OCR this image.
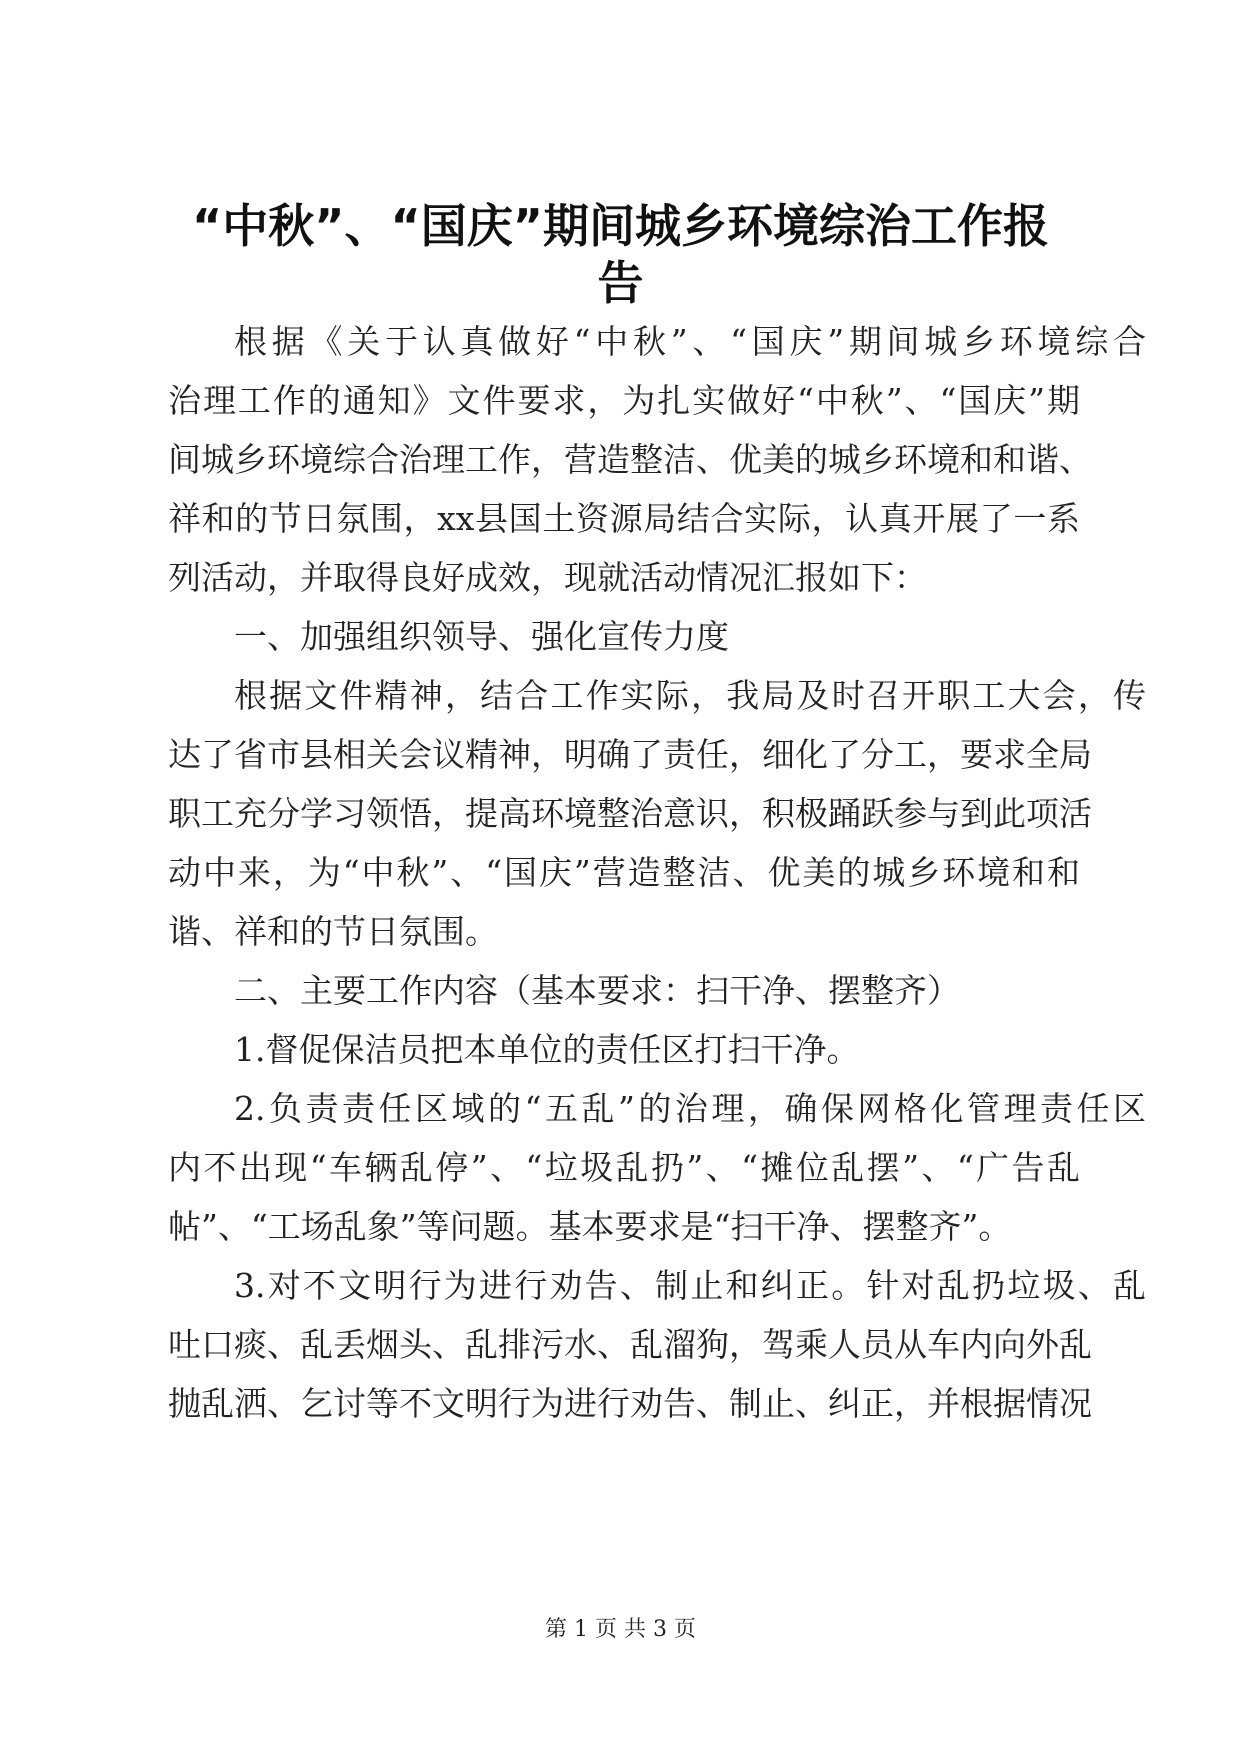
“中秋”、“国庆”期间城乡环境综治工作报
告
根据《关于认真做好“中秋”、“国庆”期间城乡环境综合
治理工作的通知》文件要求，为扎实做好“中秋”、“国庆”期
间城乡环境综合治理工作，营造整洁、优美的城乡环境和和谐、
祥和的节日氛围，xx县国土资源局结合实际，认真开展了一系
列活动，并取得良好成效，现就活动情况汇报如下：
一、加强组织领导、强化宣传力度
根据文件精神，结合工作实际，我局及时召开职工大会，传
达了省市县相关会议精神，明确了责任，细化了分工，要求全局
职工充分学习领悟，提高环境整治意识，积极踊跃参与到此项活
动中来，为“中秋”、“国庆”营造整洁、优美的城乡环境和和
谐、祥和的节日氛围。
二、主要工作内容（基本要求：扫干净、摆整齐）
1.督促保洁员把本单位的责任区打扫干净。
2.负责责任区域的“五乱”的治理，确保网格化管理责任区
内不出现“车辆乱停”、“垃圾乱扔”、“摊位乱摆”、“广告乱
帖”、“工场乱象”等问题。基本要求是“扫干净、摆整齐”。
3.对不文明行为进行劝告、制止和纠正。针对乱扔垃圾、乱
吐口痰、乱丢烟头、乱排污水、乱溜狗，驾乘人员从车内向外乱
抛乱洒、乞讨等不文明行为进行劝告、制止、纠正，并根据情况
第 1 页 共 3 页
